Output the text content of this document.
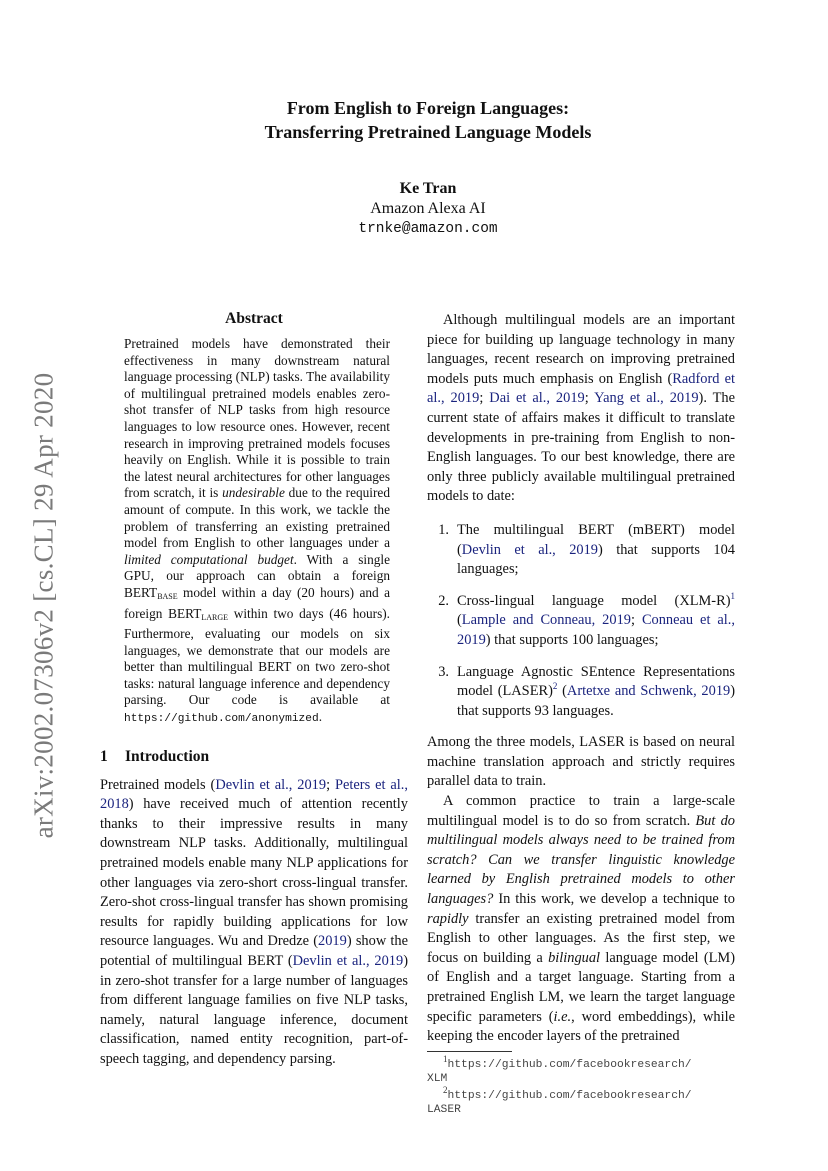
arXiv:2002.07306v2 [cs.CL] 29 Apr 2020
From English to Foreign Languages:
Transferring Pretrained Language Models
Ke Tran
Amazon Alexa AI
trnke@amazon.com
Abstract

Pretrained models have demonstrated their effectiveness in many downstream natural language processing (NLP) tasks. The availability of multilingual pretrained models enables zero-shot transfer of NLP tasks from high resource languages to low resource ones. However, recent research in improving pretrained models focuses heavily on English. While it is possible to train the latest neural architectures for other languages from scratch, it is undesirable due to the required amount of compute. In this work, we tackle the problem of transferring an existing pretrained model from English to other languages under a limited computational budget. With a single GPU, our approach can obtain a foreign BERTBASE model within a day (20 hours) and a foreign BERTLARGE within two days (46 hours). Furthermore, evaluating our models on six languages, we demonstrate that our models are better than multilingual BERT on two zero-shot tasks: natural language inference and dependency parsing. Our code is available at https://github.com/anonymized.

1	Introduction

Pretrained models (Devlin et al., 2019; Peters et al., 2018) have received much of attention recently thanks to their impressive results in many downstream NLP tasks. Additionally, multilingual pretrained models enable many NLP applications for other languages via zero-short cross-lingual transfer. Zero-shot cross-lingual transfer has shown promising results for rapidly building applications for low resource languages. Wu and Dredze (2019) show the potential of multilingual BERT (Devlin et al., 2019) in zero-shot transfer for a large number of languages from different language families on five NLP tasks, namely, natural language inference, document classification, named entity recognition, part-of-speech tagging, and dependency parsing.

Although multilingual models are an important piece for building up language technology in many languages, recent research on improving pretrained models puts much emphasis on English (Radford et al., 2019; Dai et al., 2019; Yang et al., 2019). The current state of affairs makes it difficult to translate developments in pre-training from English to non-English languages. To our best knowledge, there are only three publicly available multilingual pretrained models to date:

1. The multilingual BERT (mBERT) model (Devlin et al., 2019) that supports 104 languages;
2. Cross-lingual language model (XLM-R)$^1$ (Lample and Conneau, 2019; Conneau et al., 2019) that supports 100 languages;
3. Language Agnostic SEntence Representations model (LASER)$^2$ (Artetxe and Schwenk, 2019) that supports 93 languages.

Among the three models, LASER is based on neural machine translation approach and strictly requires parallel data to train.

A common practice to train a large-scale multilingual model is to do so from scratch. But do multilingual models always need to be trained from scratch? Can we transfer linguistic knowledge learned by English pretrained models to other languages? In this work, we develop a technique to rapidly transfer an existing pretrained model from English to other languages. As the first step, we focus on building a bilingual language model (LM) of English and a target language. Starting from a pretrained English LM, we learn the target language specific parameters (i.e., word embeddings), while keeping the encoder layers of the pretrained

$^1$https://github.com/facebookresearch/
XLM
$^2$https://github.com/facebookresearch/
LASER
